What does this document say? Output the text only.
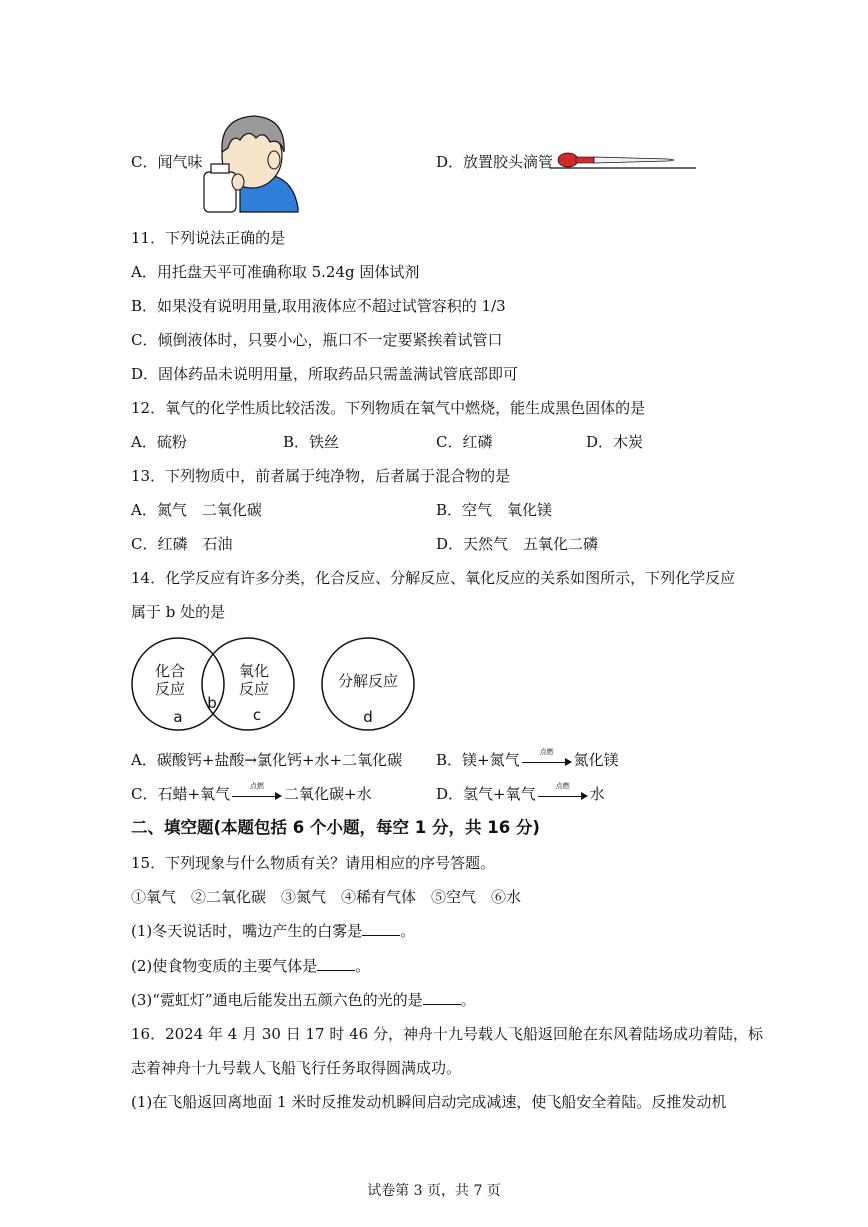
C．闻气味	D．放置胶头滴管
11．下列说法正确的是
A．用托盘天平可准确称取 5.24g 固体试剂
B．如果没有说明用量,取用液体应不超过试管容积的 1/3
C．倾倒液体时，只要小心，瓶口不一定要紧挨着试管口
D．固体药品未说明用量，所取药品只需盖满试管底部即可
12．氧气的化学性质比较活泼。下列物质在氧气中燃烧，能生成黑色固体的是
A．硫粉	B．铁丝	C．红磷	D．木炭
13．下列物质中，前者属于纯净物，后者属于混合物的是
A．氮气　二氧化碳	B．空气　氧化镁
C．红磷　石油	D．天然气　五氧化二磷
14．化学反应有许多分类，化合反应、分解反应、氧化反应的关系如图所示，下列化学反应
属于 b 处的是
化合
反应
氧化
反应	分解反应
a
b
c	d
A．碳酸钙+盐酸→氯化钙+水+二氧化碳 B．镁+氮气	点燃	氮化镁
C．石蜡+氧气	点燃	二氧化碳+水	D．氢气+氧气	点燃	水
二、填空题(本题包括 6 个小题，每空 1 分，共 16 分)
15．下列现象与什么物质有关？请用相应的序号答题。
①氧气　②二氧化碳　③氮气　④稀有气体　⑤空气　⑥水
(1)冬天说话时，嘴边产生的白雾是	。
(2)使食物变质的主要气体是	。
(3)“霓虹灯”通电后能发出五颜六色的光的是	。
16．2024 年 4 月 30 日 17 时 46 分，神舟十九号载人飞船返回舱在东风着陆场成功着陆，标
志着神舟十九号载人飞船飞行任务取得圆满成功。
(1)在飞船返回离地面 1 米时反推发动机瞬间启动完成减速，使飞船安全着陆。反推发动机
试卷第 3 页，共 7 页
